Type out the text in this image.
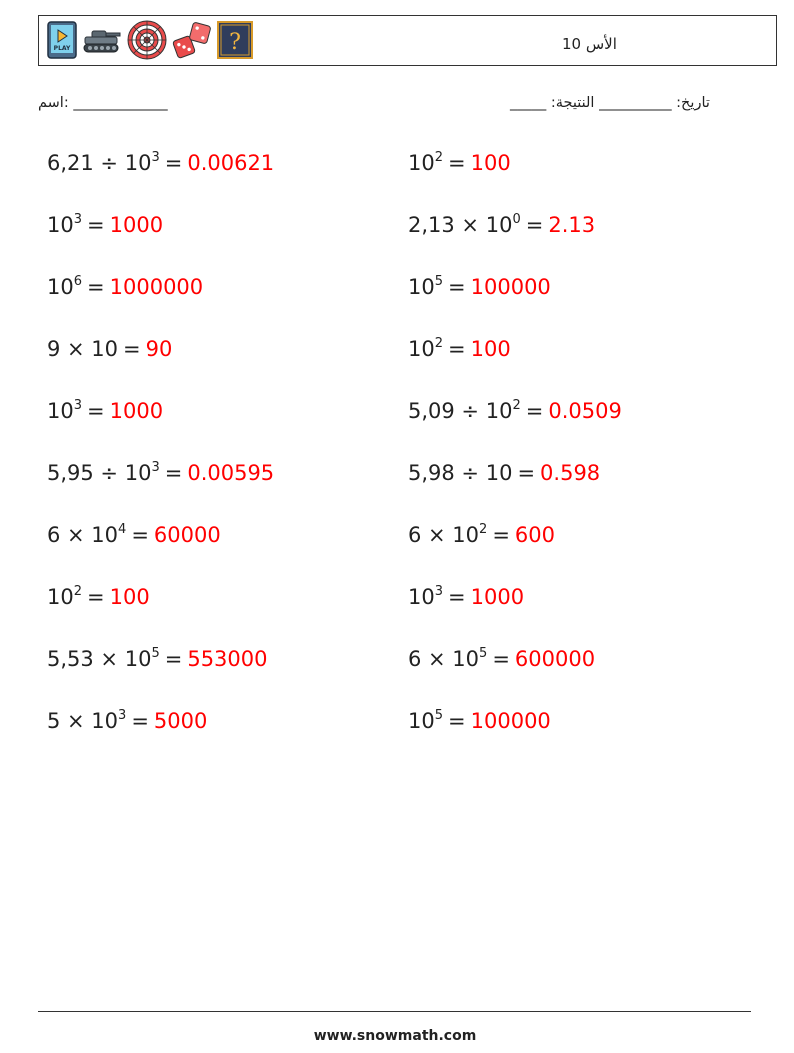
PLAY	?	الأس 10
اسم: _____________	_____ :تاريخ: __________ النتيجة
$6,21 \div 10^3 = 0.00621$
$10^3 = 1000$
$10^6 = 1000000$
9 × 10 = 90
$10^3 = 1000$
$5,95 \div 10^3 = 0.00595$
$6 \times 10^4 = 60000$
$10^2 = 100$
$5,53 \times 10^5 = 553000$
$5 \times 10^3 = 5000$
$10^2 = 100$
$2,13 \times 10^0 = 2.13$
$10^5 = 100000$
$10^2 = 100$
$5,09 \div 10^2 = 0.0509$
5,98 ÷ 10 = 0.598
$6 \times 10^2 = 600$
$10^3 = 1000$
$6 \times 10^5 = 600000$
$10^5 = 100000$
www.snowmath.com
